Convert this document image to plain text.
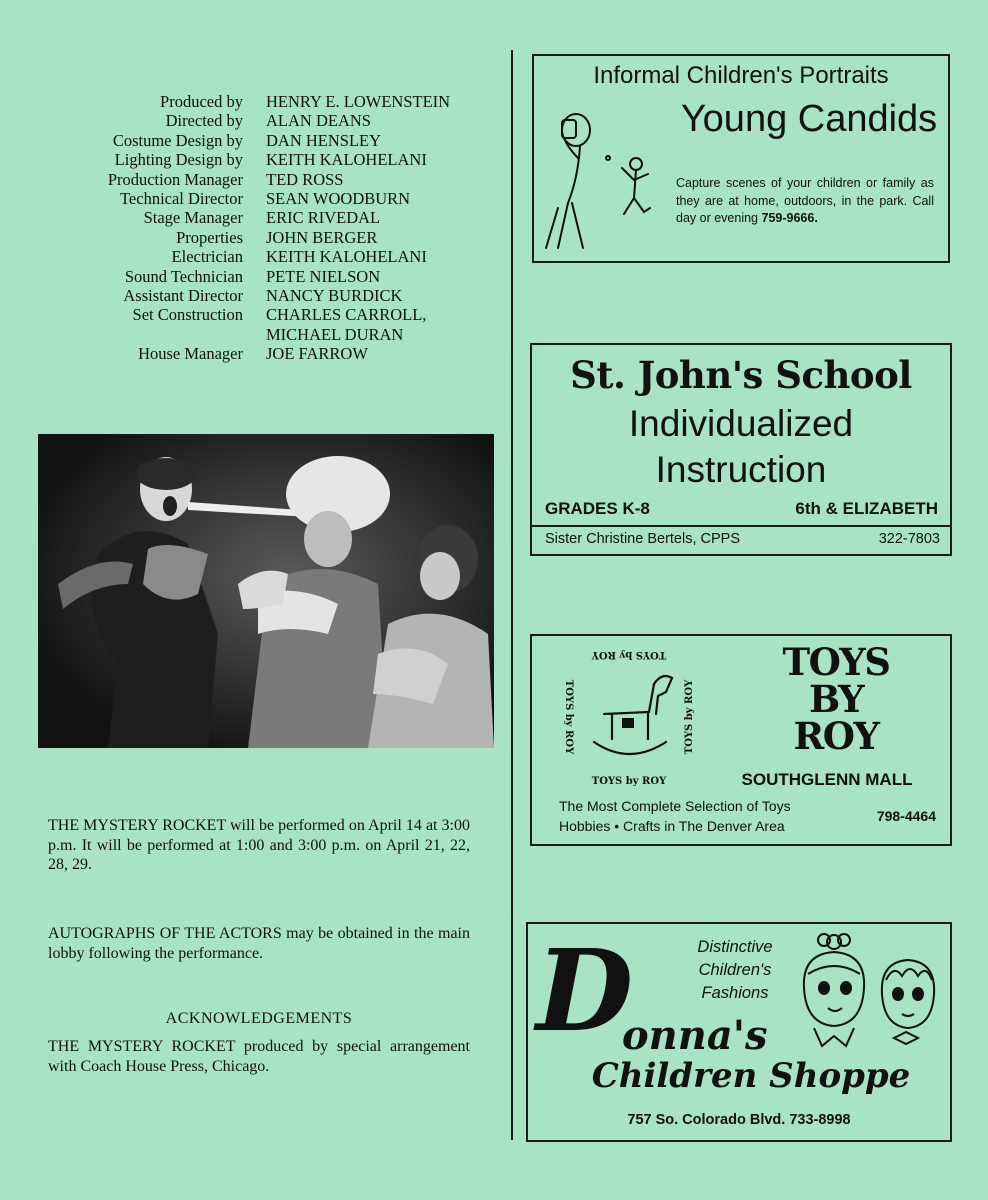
Produced by	HENRY E. LOWENSTEIN
Directed by	ALAN DEANS
Costume Design by	DAN HENSLEY
Lighting Design by	KEITH KALOHELANI
Production Manager	TED ROSS
Technical Director	SEAN WOODBURN
Stage Manager	ERIC RIVEDAL
Properties	JOHN BERGER
Electrician	KEITH KALOHELANI
Sound Technician	PETE NIELSON
Assistant Director	NANCY BURDICK
Set Construction	CHARLES CARROLL,
MICHAEL DURAN
House Manager	JOE FARROW
THE MYSTERY ROCKET will be performed on April 14 at 3:00 p.m. It will be performed at 1:00 and 3:00 p.m. on April 21, 22, 28, 29.
AUTOGRAPHS OF THE ACTORS may be obtained in the main lobby following the performance.
ACKNOWLEDGEMENTS
THE MYSTERY ROCKET produced by special arrangement with Coach House Press, Chicago.
Informal Children's Portraits
Young Candids
Capture scenes of your children or family as they are at home, outdoors, in the park. Call day or evening 759-9666.
St. John's School
Individualized
Instruction
GRADES K-8	6th & ELIZABETH
Sister Christine Bertels, CPPS	322-7803
TOYS by ROY
TOYS by ROY
TOYS by ROY	TOYS by ROY
TOYS
BY
ROY
SOUTHGLENN MALL
The Most Complete Selection of Toys
Hobbies • Crafts in The Denver Area
798-4464
D	Distinctive
Children's
Fashions
onna's
Children Shoppe
757 So. Colorado Blvd. 733-8998
